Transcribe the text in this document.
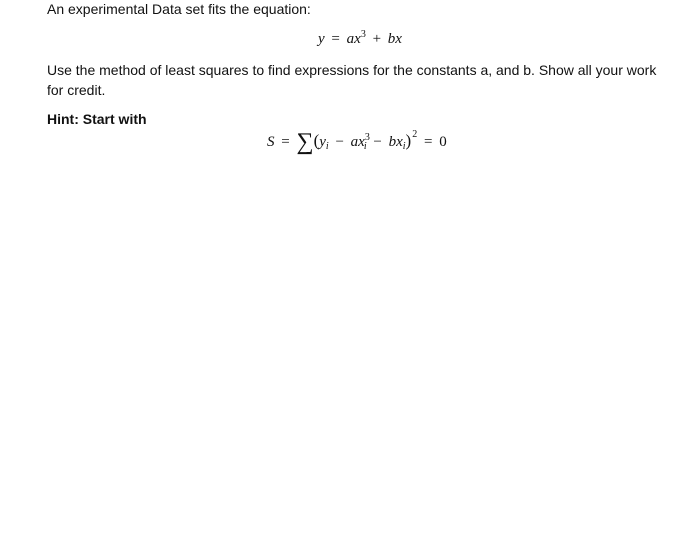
An experimental Data set fits the equation:
$y = ax^3$ + bx
Use the method of least squares to find expressions for the constants a, and b. Show all your work for credit.
Hint: Start with
$S = \sum(y_i - ax^3_i - bx_i)^2 = 0$
